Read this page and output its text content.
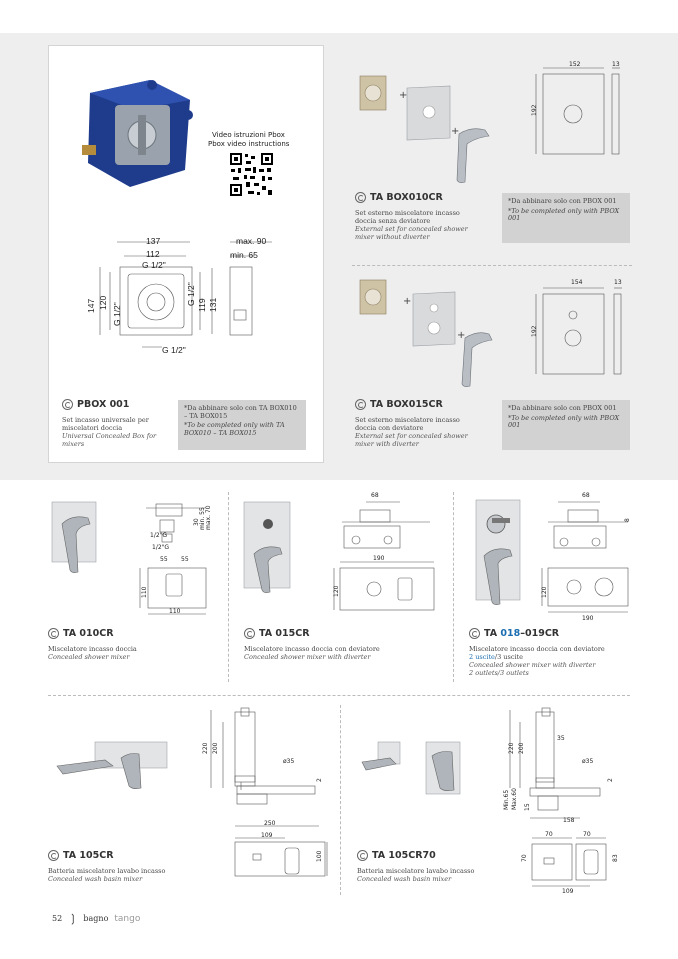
Video istruzioni Pbox
Pbox video instructions
137
112
max. 90
min. 65
G 1/2"
147 120 G 1/2"
G 1/2" 119 131
G 1/2"
PBOX 001
Set incasso universale per miscelatori doccia
Universal Concealed Box for mixers
*Da abbinare solo con TA BOX010 – TA BOX015
*To be completed only with TA BOX010 – TA BOX015
+
+
152	13
192
TA BOX010CR
Set esterno miscelatore incasso doccia senza deviatore
External set for concealed shower mixer without diverter
*Da abbinare solo con PBOX 001
*To be completed only with PBOX 001
+
+
154	13
192
TA BOX015CR
Set esterno miscelatore incasso doccia con deviatore
External set for concealed shower mixer with diverter
*Da abbinare solo con PBOX 001
*To be completed only with PBOX 001
55 55
110
110
1/2"G
1/2"G
max. 70
min. 55
30
TA 010CR
Miscelatore incasso doccia
Concealed shower mixer
68
190
120
TA 015CR
Miscelatore incasso doccia con deviatore
Concealed shower mixer with diverter
68
8
190
120
TA 018–019CR
Miscelatore incasso doccia con deviatore
2 uscite/3 uscite
Concealed shower mixer with diverter
2 outlets/3 outlets
220 200
ø35
2
250
109
100
TA 105CR
Batteria miscelatore lavabo incasso
Concealed wash basin mixer
220 200
35
ø35
2
Min.65 Max.60 15
158
70	70
70	83
109
TA 105CR70
Batteria miscelatore lavabo incasso
Concealed wash basin mixer
52 ❳ bagno tango
